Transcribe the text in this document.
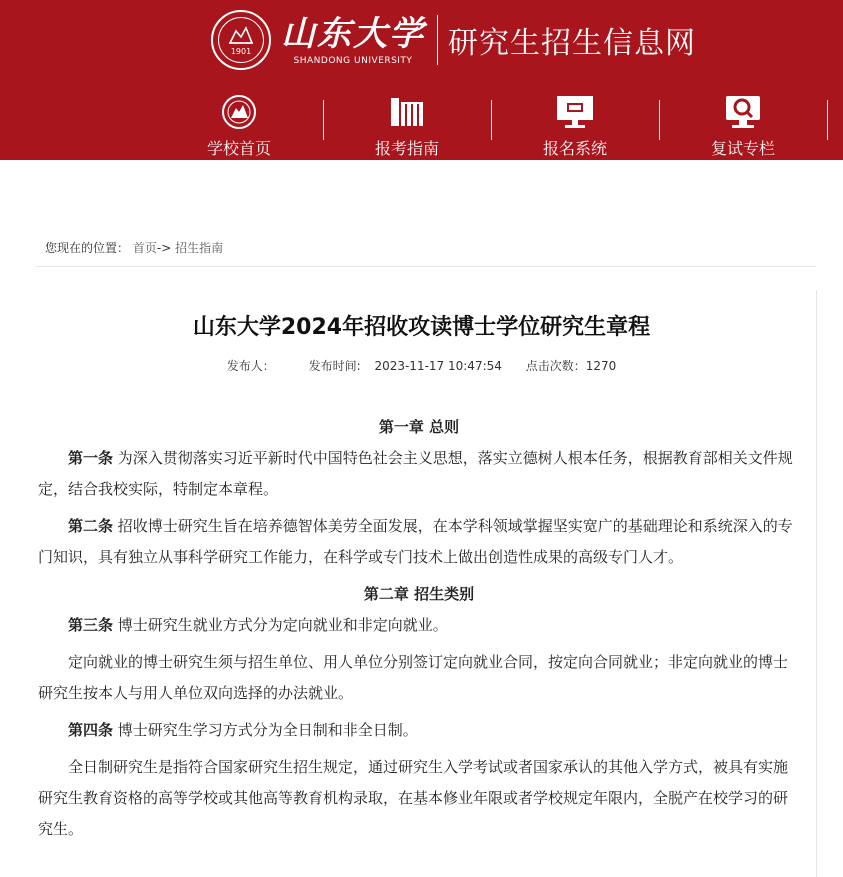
1901 山东大学
SHANDONG UNIVERSITY 研究生招生信息网
学校首页	报考指南	报名系统	复试专栏
您现在的位置： 首页-> 招生指南
山东大学2024年招收攻读博士学位研究生章程
发布人：	发布时间: 2023-11-17 10:47:54 点击次数：1270
第一章 总则

第一条 为深入贯彻落实习近平新时代中国特色社会主义思想，落实立德树人根本任务，根据教育部相关文件规定，结合我校实际，特制定本章程。

第二条 招收博士研究生旨在培养德智体美劳全面发展，在本学科领域掌握坚实宽广的基础理论和系统深入的专门知识，具有独立从事科学研究工作能力，在科学或专门技术上做出创造性成果的高级专门人才。

第二章 招生类别

第三条 博士研究生就业方式分为定向就业和非定向就业。

定向就业的博士研究生须与招生单位、用人单位分别签订定向就业合同，按定向合同就业；非定向就业的博士研究生按本人与用人单位双向选择的办法就业。

第四条 博士研究生学习方式分为全日制和非全日制。

全日制研究生是指符合国家研究生招生规定，通过研究生入学考试或者国家承认的其他入学方式，被具有实施研究生教育资格的高等学校或其他高等教育机构录取，在基本修业年限或者学校规定年限内，全脱产在校学习的研究生。
